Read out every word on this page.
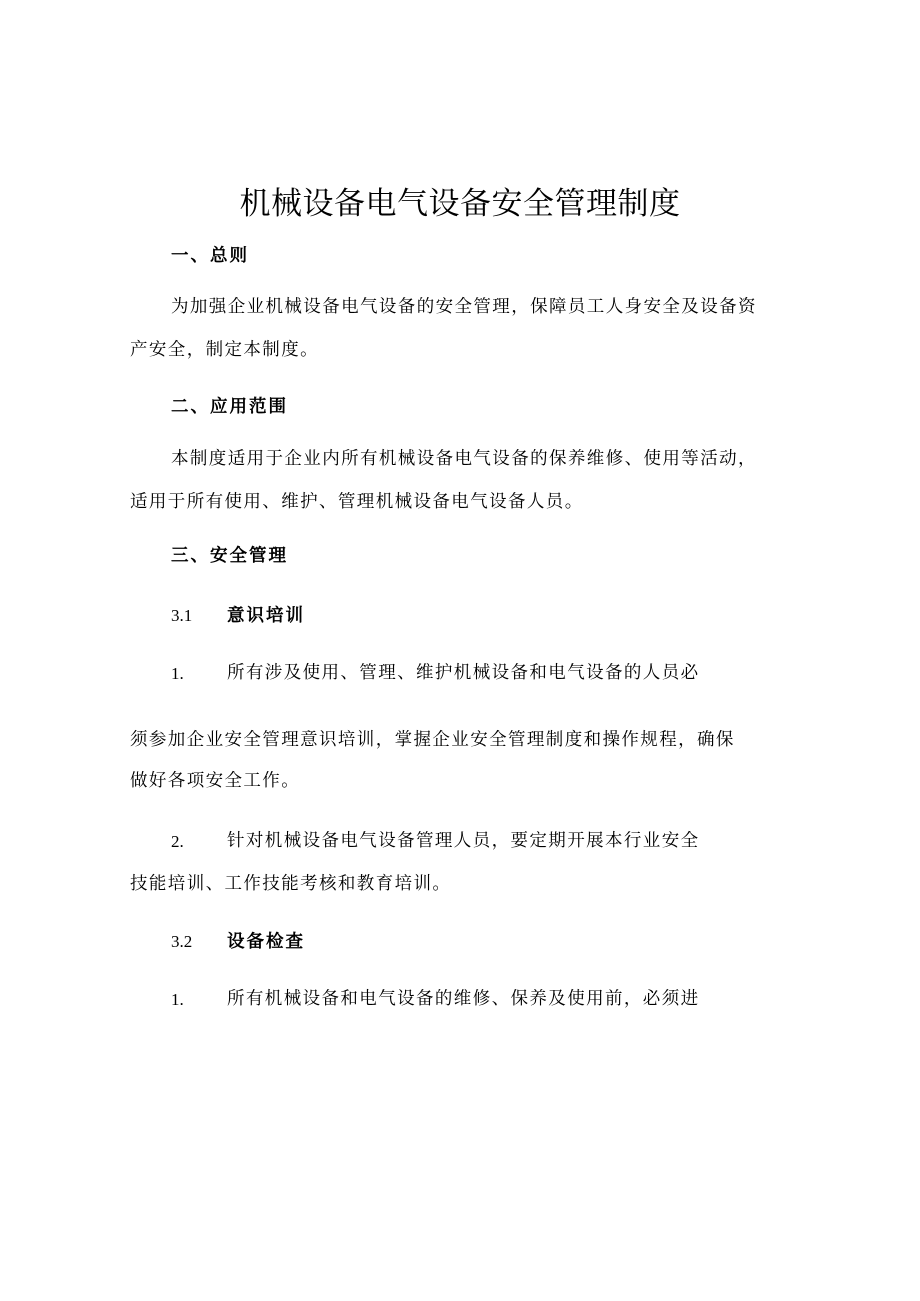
机械设备电气设备安全管理制度
一、总则
为加强企业机械设备电气设备的安全管理，保障员工人身安全及设备资
产安全，制定本制度。
二、应用范围
本制度适用于企业内所有机械设备电气设备的保养维修、使用等活动，
适用于所有使用、维护、管理机械设备电气设备人员。
三、安全管理
3.1 意识培训
1. 所有涉及使用、管理、维护机械设备和电气设备的人员必
须参加企业安全管理意识培训，掌握企业安全管理制度和操作规程，确保
做好各项安全工作。
2. 针对机械设备电气设备管理人员，要定期开展本行业安全
技能培训、工作技能考核和教育培训。
3.2 设备检查
1. 所有机械设备和电气设备的维修、保养及使用前，必须进
